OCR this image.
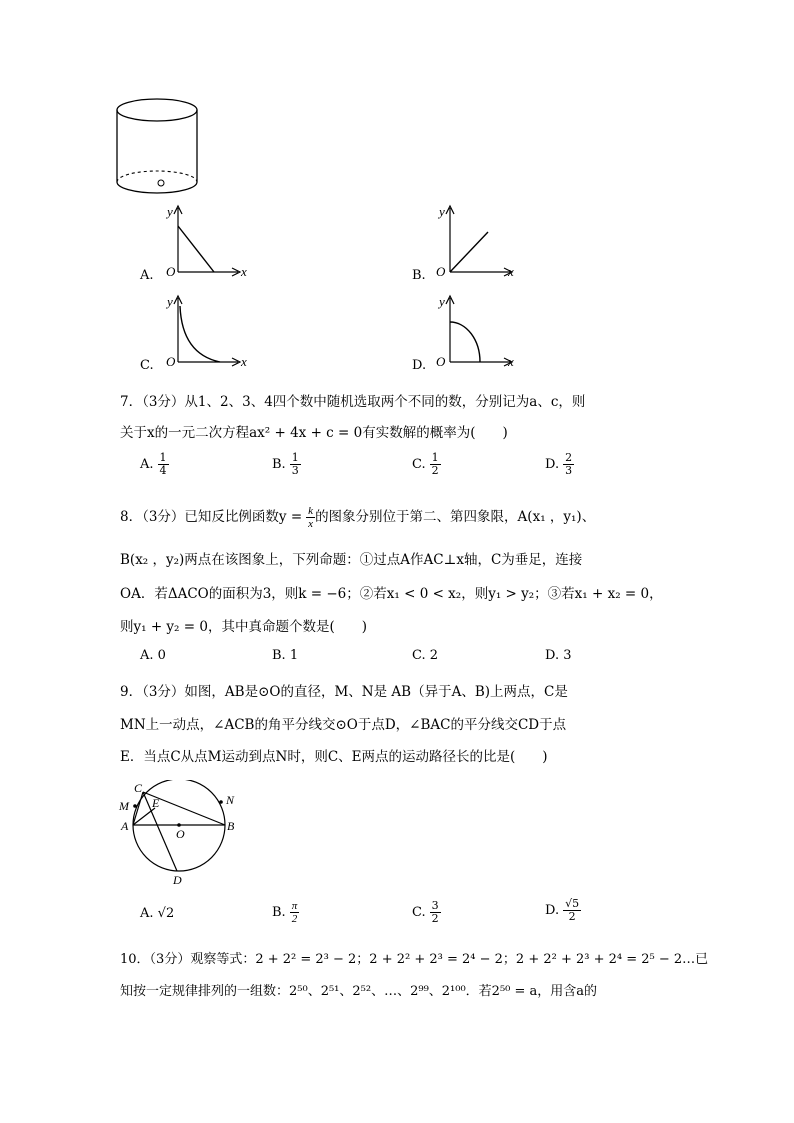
A.
y
x
O	B.
y
x
O
C.
y
x
O	D.
y
x
O
7．（3分）从1、2、3、4四个数中随机选取两个不同的数，分别记为a、c，则
关于x的一元二次方程ax² + 4x + c = 0有实数解的概率为(　　)
A. $\frac{1}{4}$	B. $\frac{1}{3}$	C. $\frac{1}{2}$	D. $\frac{2}{3}$
8．（3分）已知反比例函数$y = \frac{k}{x}$ 的图象分别位于第二、第四象限，A(x₁ ，y₁)、
B(x₂ ，y₂)两点在该图象上，下列命题：①过点A作AC⊥x轴，C为垂足，连接
OA．若ΔACO的面积为3，则k = −6；②若x₁ < 0 < x₂，则y₁ > y₂；③若x₁ + x₂ = 0，
则y₁ + y₂ = 0，其中真命题个数是(　　)
A. 0	B. 1	C. 2	D. 3
9．（3分）如图，AB是⊙O的直径，M、N是 AB（异于A、B)上两点，C是
MN上一动点，∠ACB的角平分线交⊙O于点D，∠BAC的平分线交CD于点
E．当点C从点M运动到点N时，则C、E两点的运动路径长的比是(　　)
C
M E	N
A
O
B
D
A. √2	B. $\frac{\pi}{2}$	C. $\frac{3}{2}$	D. $\frac{√5}{2}$
10．（3分）观察等式：2 + 2² = 2³ − 2；2 + 2² + 2³ = 2⁴ − 2；2 + 2² + 2³ + 2⁴ = 2⁵ − 2…已
知按一定规律排列的一组数：2⁵⁰、2⁵¹、2⁵²、…、2⁹⁹、2¹⁰⁰．若2⁵⁰ = a，用含a的
